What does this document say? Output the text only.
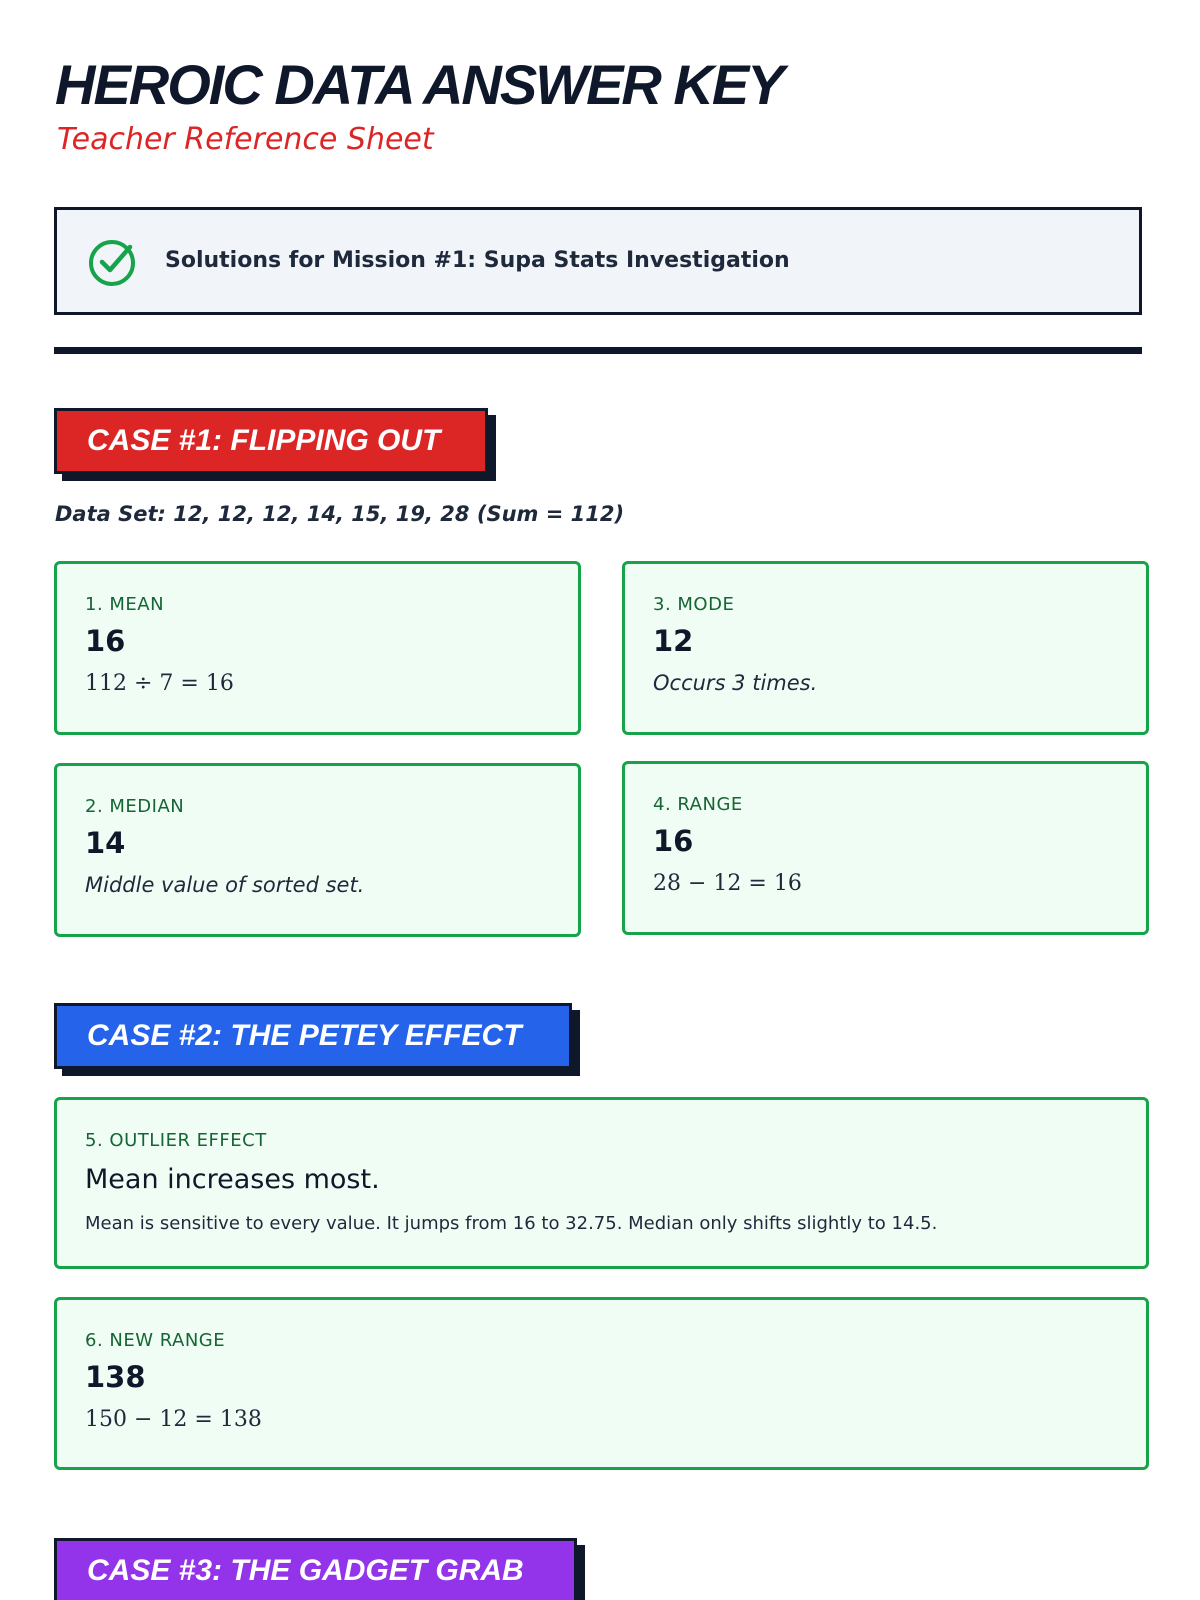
HEROIC DATA ANSWER KEY
Teacher Reference Sheet
Solutions for Mission #1: Supa Stats Investigation
CASE #1: FLIPPING OUT
Data Set: 12, 12, 12, 14, 15, 19, 28 (Sum = 112)
1. MEAN
16
112 ÷ 7 = 16
3. MODE
12
Occurs 3 times.
2. MEDIAN
14
Middle value of sorted set.
4. RANGE
16
28 − 12 = 16
CASE #2: THE PETEY EFFECT
5. OUTLIER EFFECT
Mean increases most.
Mean is sensitive to every value. It jumps from 16 to 32.75. Median only shifts slightly to 14.5.
6. NEW RANGE
138
150 − 12 = 138
CASE #3: THE GADGET GRAB
